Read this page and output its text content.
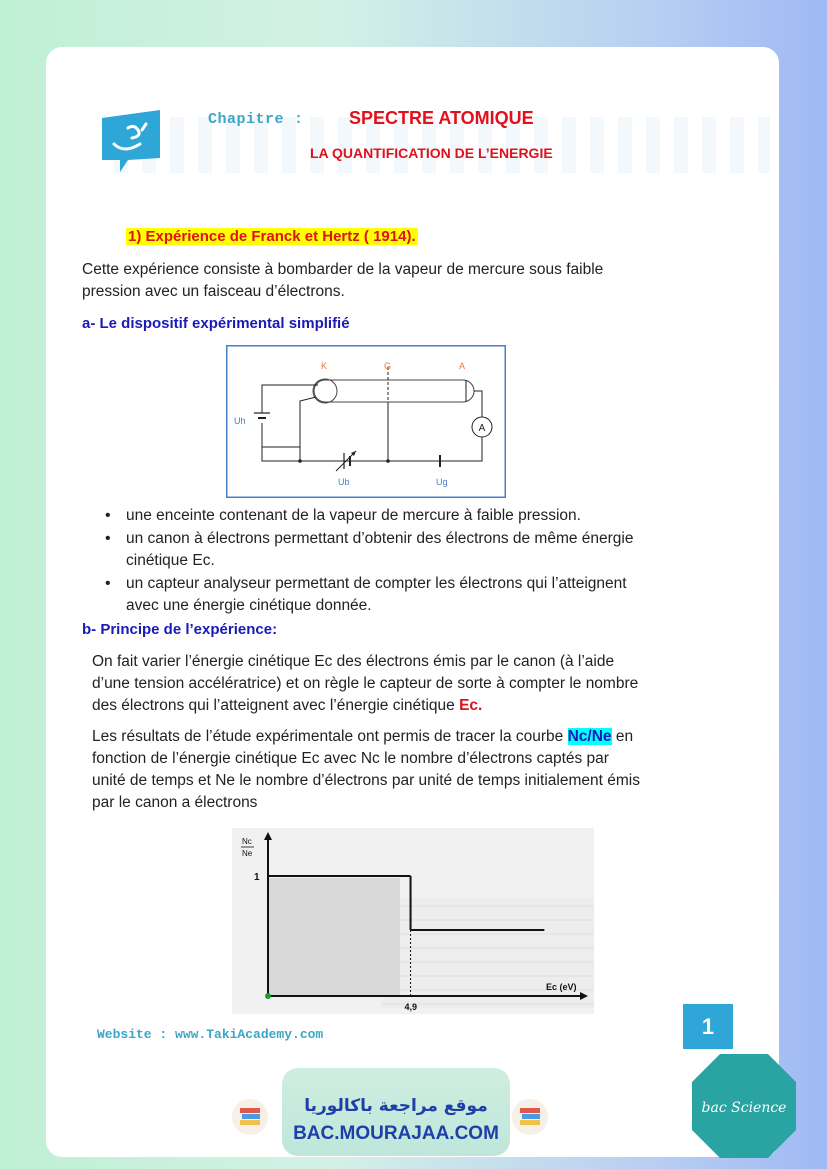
Chapitre :	SPECTRE ATOMIQUE
LA QUANTIFICATION DE L’ENERGIE
1) Expérience de Franck et Hertz ( 1914).
Cette expérience consiste à bombarder de la vapeur de mercure sous faible
pression avec un faisceau d’électrons.
a- Le dispositif expérimental simplifié
A
K	G	A
Uh
Ub	Ug
• une enceinte contenant de la vapeur de mercure à faible pression.
• un canon à électrons permettant d’obtenir des électrons de même énergie
cinétique Ec.
• un capteur analyseur permettant de compter les électrons qui l’atteignent
avec une énergie cinétique donnée.
b- Principe de l’expérience:
On fait varier l’énergie cinétique Ec des électrons émis par le canon (à l’aide
d’une tension accélératrice) et on règle le capteur de sorte à compter le nombre
des électrons qui l’atteignent avec l’énergie cinétique Ec.
Les résultats de l’étude expérimentale ont permis de tracer la courbe Nc/Ne en
fonction de l’énergie cinétique Ec avec Nc le nombre d’électrons captés par
unité de temps et Ne le nombre d’électrons par unité de temps initialement émis
par le canon a électrons
1
4,9
Ec (eV)
Nc
Ne
Website : www.TakiAcademy.com	1
موقع مراجعة باكالوريا
BAC.MOURAJAA.COM
bac Science
